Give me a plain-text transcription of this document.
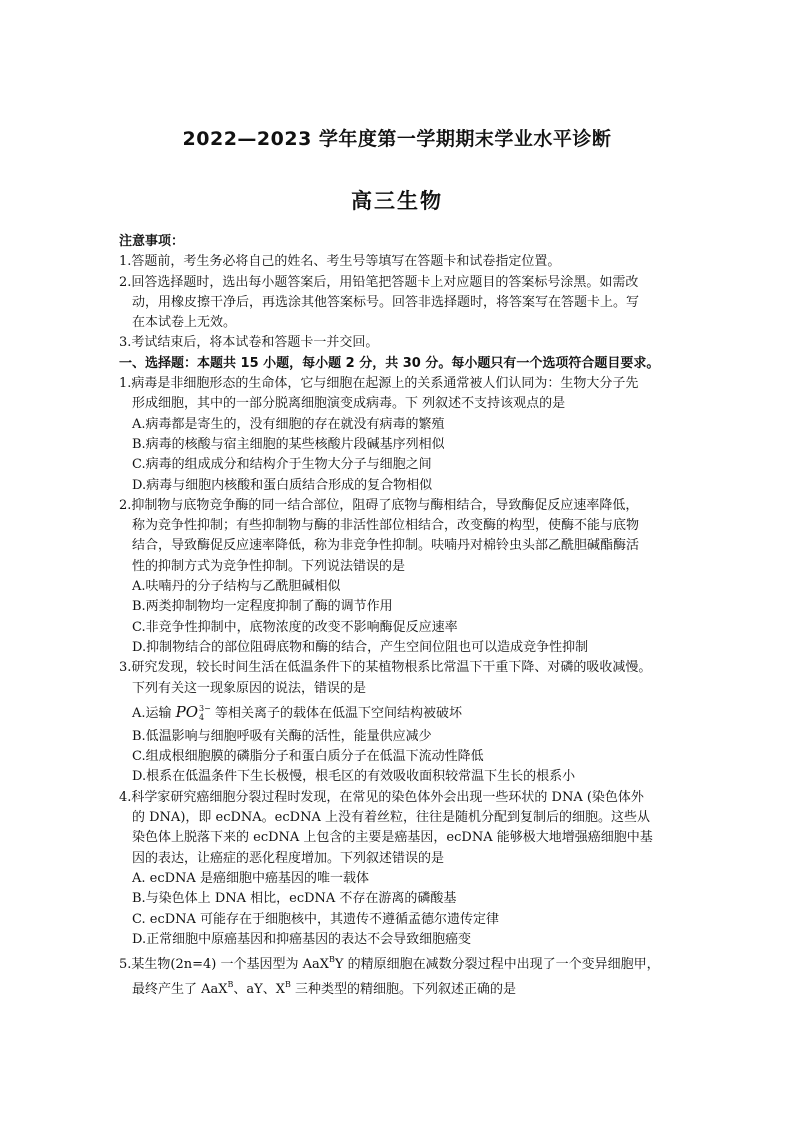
2022—2023 学年度第一学期期末学业水平诊断
高三生物
注意事项：
1.答题前，考生务必将自己的姓名、考生号等填写在答题卡和试卷指定位置。
2.回答选择题时，选出每小题答案后，用铅笔把答题卡上对应题目的答案标号涂黑。如需改
动，用橡皮擦干净后，再选涂其他答案标号。回答非选择题时，将答案写在答题卡上。写
在本试卷上无效。
3.考试结束后，将本试卷和答题卡一并交回。
一、选择题：本题共 15 小题，每小题 2 分，共 30 分。每小题只有一个选项符合题目要求。
1.病毒是非细胞形态的生命体，它与细胞在起源上的关系通常被人们认同为：生物大分子先
形成细胞，其中的一部分脱离细胞演变成病毒。下 列叙述不支持该观点的是
A.病毒都是寄生的，没有细胞的存在就没有病毒的繁殖
B.病毒的核酸与宿主细胞的某些核酸片段碱基序列相似
C.病毒的组成成分和结构介于生物大分子与细胞之间
D.病毒与细胞内核酸和蛋白质结合形成的复合物相似
2.抑制物与底物竞争酶的同一结合部位，阻碍了底物与酶相结合，导致酶促反应速率降低，
称为竞争性抑制；有些抑制物与酶的非活性部位相结合，改变酶的构型，使酶不能与底物
结合，导致酶促反应速率降低，称为非竞争性抑制。呋喃丹对棉铃虫头部乙酰胆碱酯酶活
性的抑制方式为竞争性抑制。下列说法错误的是
A.呋喃丹的分子结构与乙酰胆碱相似
B.两类抑制物均一定程度抑制了酶的调节作用
C.非竞争性抑制中，底物浓度的改变不影响酶促反应速率
D.抑制物结合的部位阻碍底物和酶的结合，产生空间位阻也可以造成竞争性抑制
3.研究发现，较长时间生活在低温条件下的某植物根系比常温下干重下降、对磷的吸收减慢。
下列有关这一现象原因的说法，错误的是
A.运输 PO 3−
4 等相关离子的载体在低温下空间结构被破坏
B.低温影响与细胞呼吸有关酶的活性，能量供应减少
C.组成根细胞膜的磷脂分子和蛋白质分子在低温下流动性降低
D.根系在低温条件下生长极慢，根毛区的有效吸收面积较常温下生长的根系小
4.科学家研究癌细胞分裂过程时发现，在常见的染色体外会出现一些环状的 DNA (染色体外
的 DNA)，即 ecDNA。ecDNA 上没有着丝粒，往往是随机分配到复制后的细胞。这些从
染色体上脱落下来的 ecDNA 上包含的主要是癌基因，ecDNA 能够极大地增强癌细胞中基
因的表达，让癌症的恶化程度增加。下列叙述错误的是
A. ecDNA 是癌细胞中癌基因的唯一载体
B.与染色体上 DNA 相比，ecDNA 不存在游离的磷酸基
C. ecDNA 可能存在于细胞核中，其遗传不遵循孟德尔遗传定律
D.正常细胞中原癌基因和抑癌基因的表达不会导致细胞癌变
5.某生物(2n=4) 一个基因型为 AaX$^B$Y 的精原细胞在减数分裂过程中出现了一个变异细胞甲，
最终产生了 AaX$^B$、aY、$X^B$ 三种类型的精细胞。下列叙述正确的是
